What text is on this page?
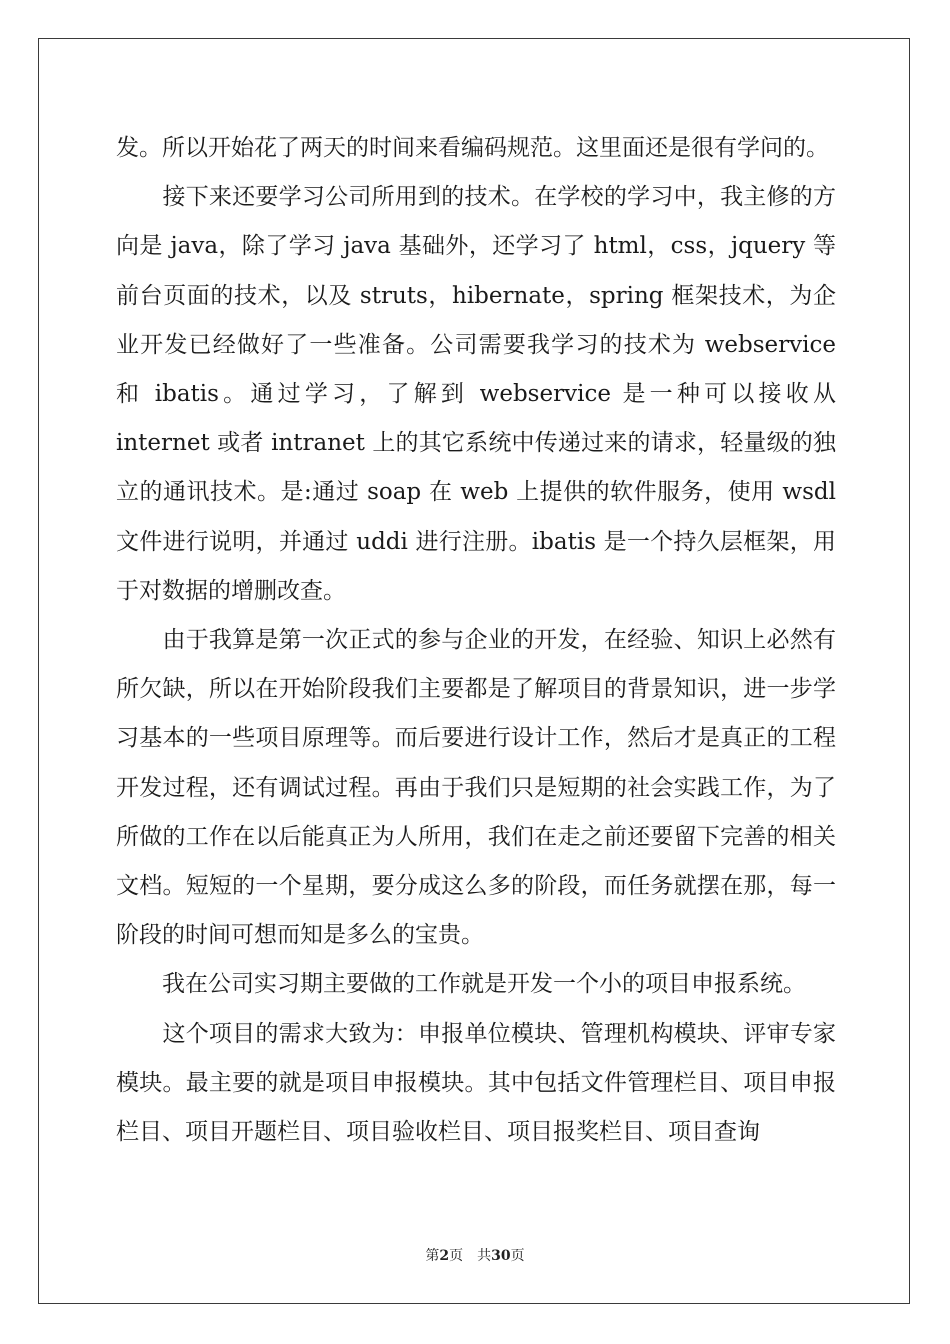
发。所以开始花了两天的时间来看编码规范。这里面还是很有学问的。

　　接下来还要学习公司所用到的技术。在学校的学习中，我主修的方向是 java，除了学习 java 基础外，还学习了 html，css，jquery 等前台页面的技术，以及 struts，hibernate，spring 框架技术，为企业开发已经做好了一些准备。公司需要我学习的技术为 webservice 和 ibatis。通过学习，了解到 webservice 是一种可以接收从 internet 或者 intranet 上的其它系统中传递过来的请求，轻量级的独立的通讯技术。是:通过 soap 在 web 上提供的软件服务，使用 wsdl 文件进行说明，并通过 uddi 进行注册。ibatis 是一个持久层框架，用于对数据的增删改查。

　　由于我算是第一次正式的参与企业的开发，在经验、知识上必然有所欠缺，所以在开始阶段我们主要都是了解项目的背景知识，进一步学习基本的一些项目原理等。而后要进行设计工作，然后才是真正的工程开发过程，还有调试过程。再由于我们只是短期的社会实践工作，为了所做的工作在以后能真正为人所用，我们在走之前还要留下完善的相关文档。短短的一个星期，要分成这么多的阶段，而任务就摆在那，每一阶段的时间可想而知是多么的宝贵。

　　我在公司实习期主要做的工作就是开发一个小的项目申报系统。

　　这个项目的需求大致为：申报单位模块、管理机构模块、评审专家模块。最主要的就是项目申报模块。其中包括文件管理栏目、项目申报栏目、项目开题栏目、项目验收栏目、项目报奖栏目、项目查询

第2页　共30页
